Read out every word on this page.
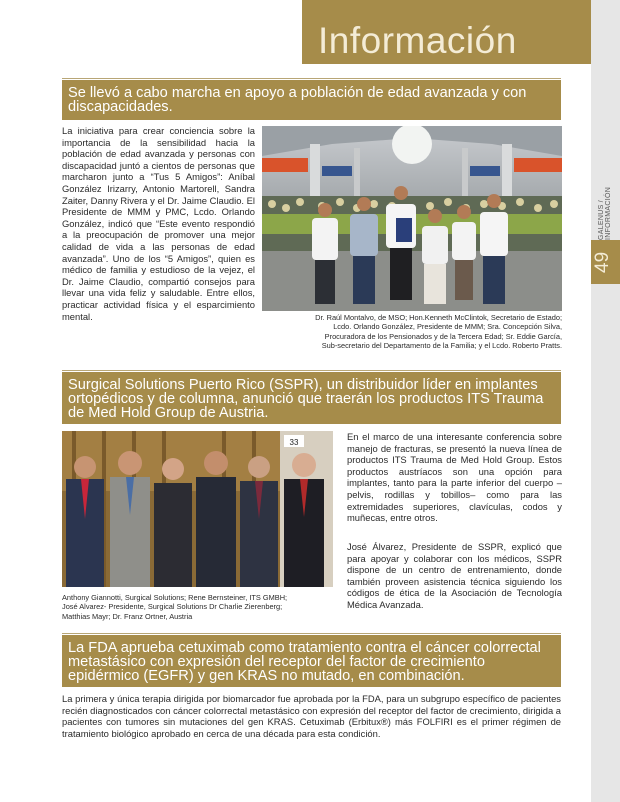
Información
GALENUS / INFORMACIÓN
49
Se llevó a cabo marcha en apoyo a población de edad avanzada y con discapacidades.
La iniciativa para crear conciencia sobre la importancia de la sensibilidad hacia la población de edad avanzada y personas con discapacidad juntó a cientos de personas que marcharon junto a “Tus 5 Amigos”: Aníbal González Irizarry, Antonio Martorell, Sandra Zaiter, Danny Rivera y el Dr. Jaime Claudio. El Presidente de MMM y PMC, Lcdo. Orlando González, indicó que “Este evento respondió a la preocupación de promover una mejor calidad de vida a las personas de edad avanzada”. Uno de los “5 Amigos”, quien es médico de familia y estudioso de la vejez, el Dr. Jaime Claudio, compartió consejos para llevar una vida feliz y saludable. Entre ellos, practicar actividad física y el esparcimiento mental.	Dr. Raúl Montalvo, de MSO; Hon.Kenneth McClintok, Secretario de Estado; Lcdo. Orlando González, Presidente de MMM; Sra. Concepción Silva, Procuradora de los Pensionados y de la Tercera Edad; Sr. Eddie García, Sub-secretario del Departamento de la Familia; y el Lcdo. Roberto Pratts.
Surgical Solutions Puerto Rico (SSPR), un distribuidor líder en implantes ortopédicos y de columna, anunció que traerán los productos ITS Trauma de Med Hold Group de Austria.
33
Anthony Giannotti, Surgical Solutions; Rene Bernsteiner, ITS GMBH; José Alvarez- Presidente, Surgical Solutions Dr Charlie Zierenberg; Matthias Mayr; Dr. Franz Ortner, Austria
En el marco de una interesante conferencia sobre manejo de fracturas, se presentó la nueva línea de productos ITS Trauma de Med Hold Group. Estos productos austríacos son una opción para implantes, tanto para la parte inferior del cuerpo – pelvis, rodillas y tobillos– como para las extremidades superiores, clavículas, codos y muñecas, entre otros.
José Álvarez, Presidente de SSPR, explicó que para apoyar y colaborar con los médicos, SSPR dispone de un centro de entrenamiento, donde también proveen asistencia técnica siguiendo los códigos de ética de la Asociación de Tecnología Médica Avanzada.
La FDA aprueba cetuximab como tratamiento contra el cáncer colorrectal metastásico con expresión del receptor del factor de crecimiento epidérmico (EGFR) y gen KRAS no mutado, en combinación.
La primera y única terapia dirigida por biomarcador fue aprobada por la FDA, para un subgrupo específico de pacientes recién diagnosticados con cáncer colorrectal metastásico con expresión del receptor del factor de crecimiento, dirigida a pacientes con tumores sin mutaciones del gen KRAS. Cetuximab (Erbitux®) más FOLFIRI es el primer régimen de tratamiento biológico aprobado en cerca de una década para esta condición.
